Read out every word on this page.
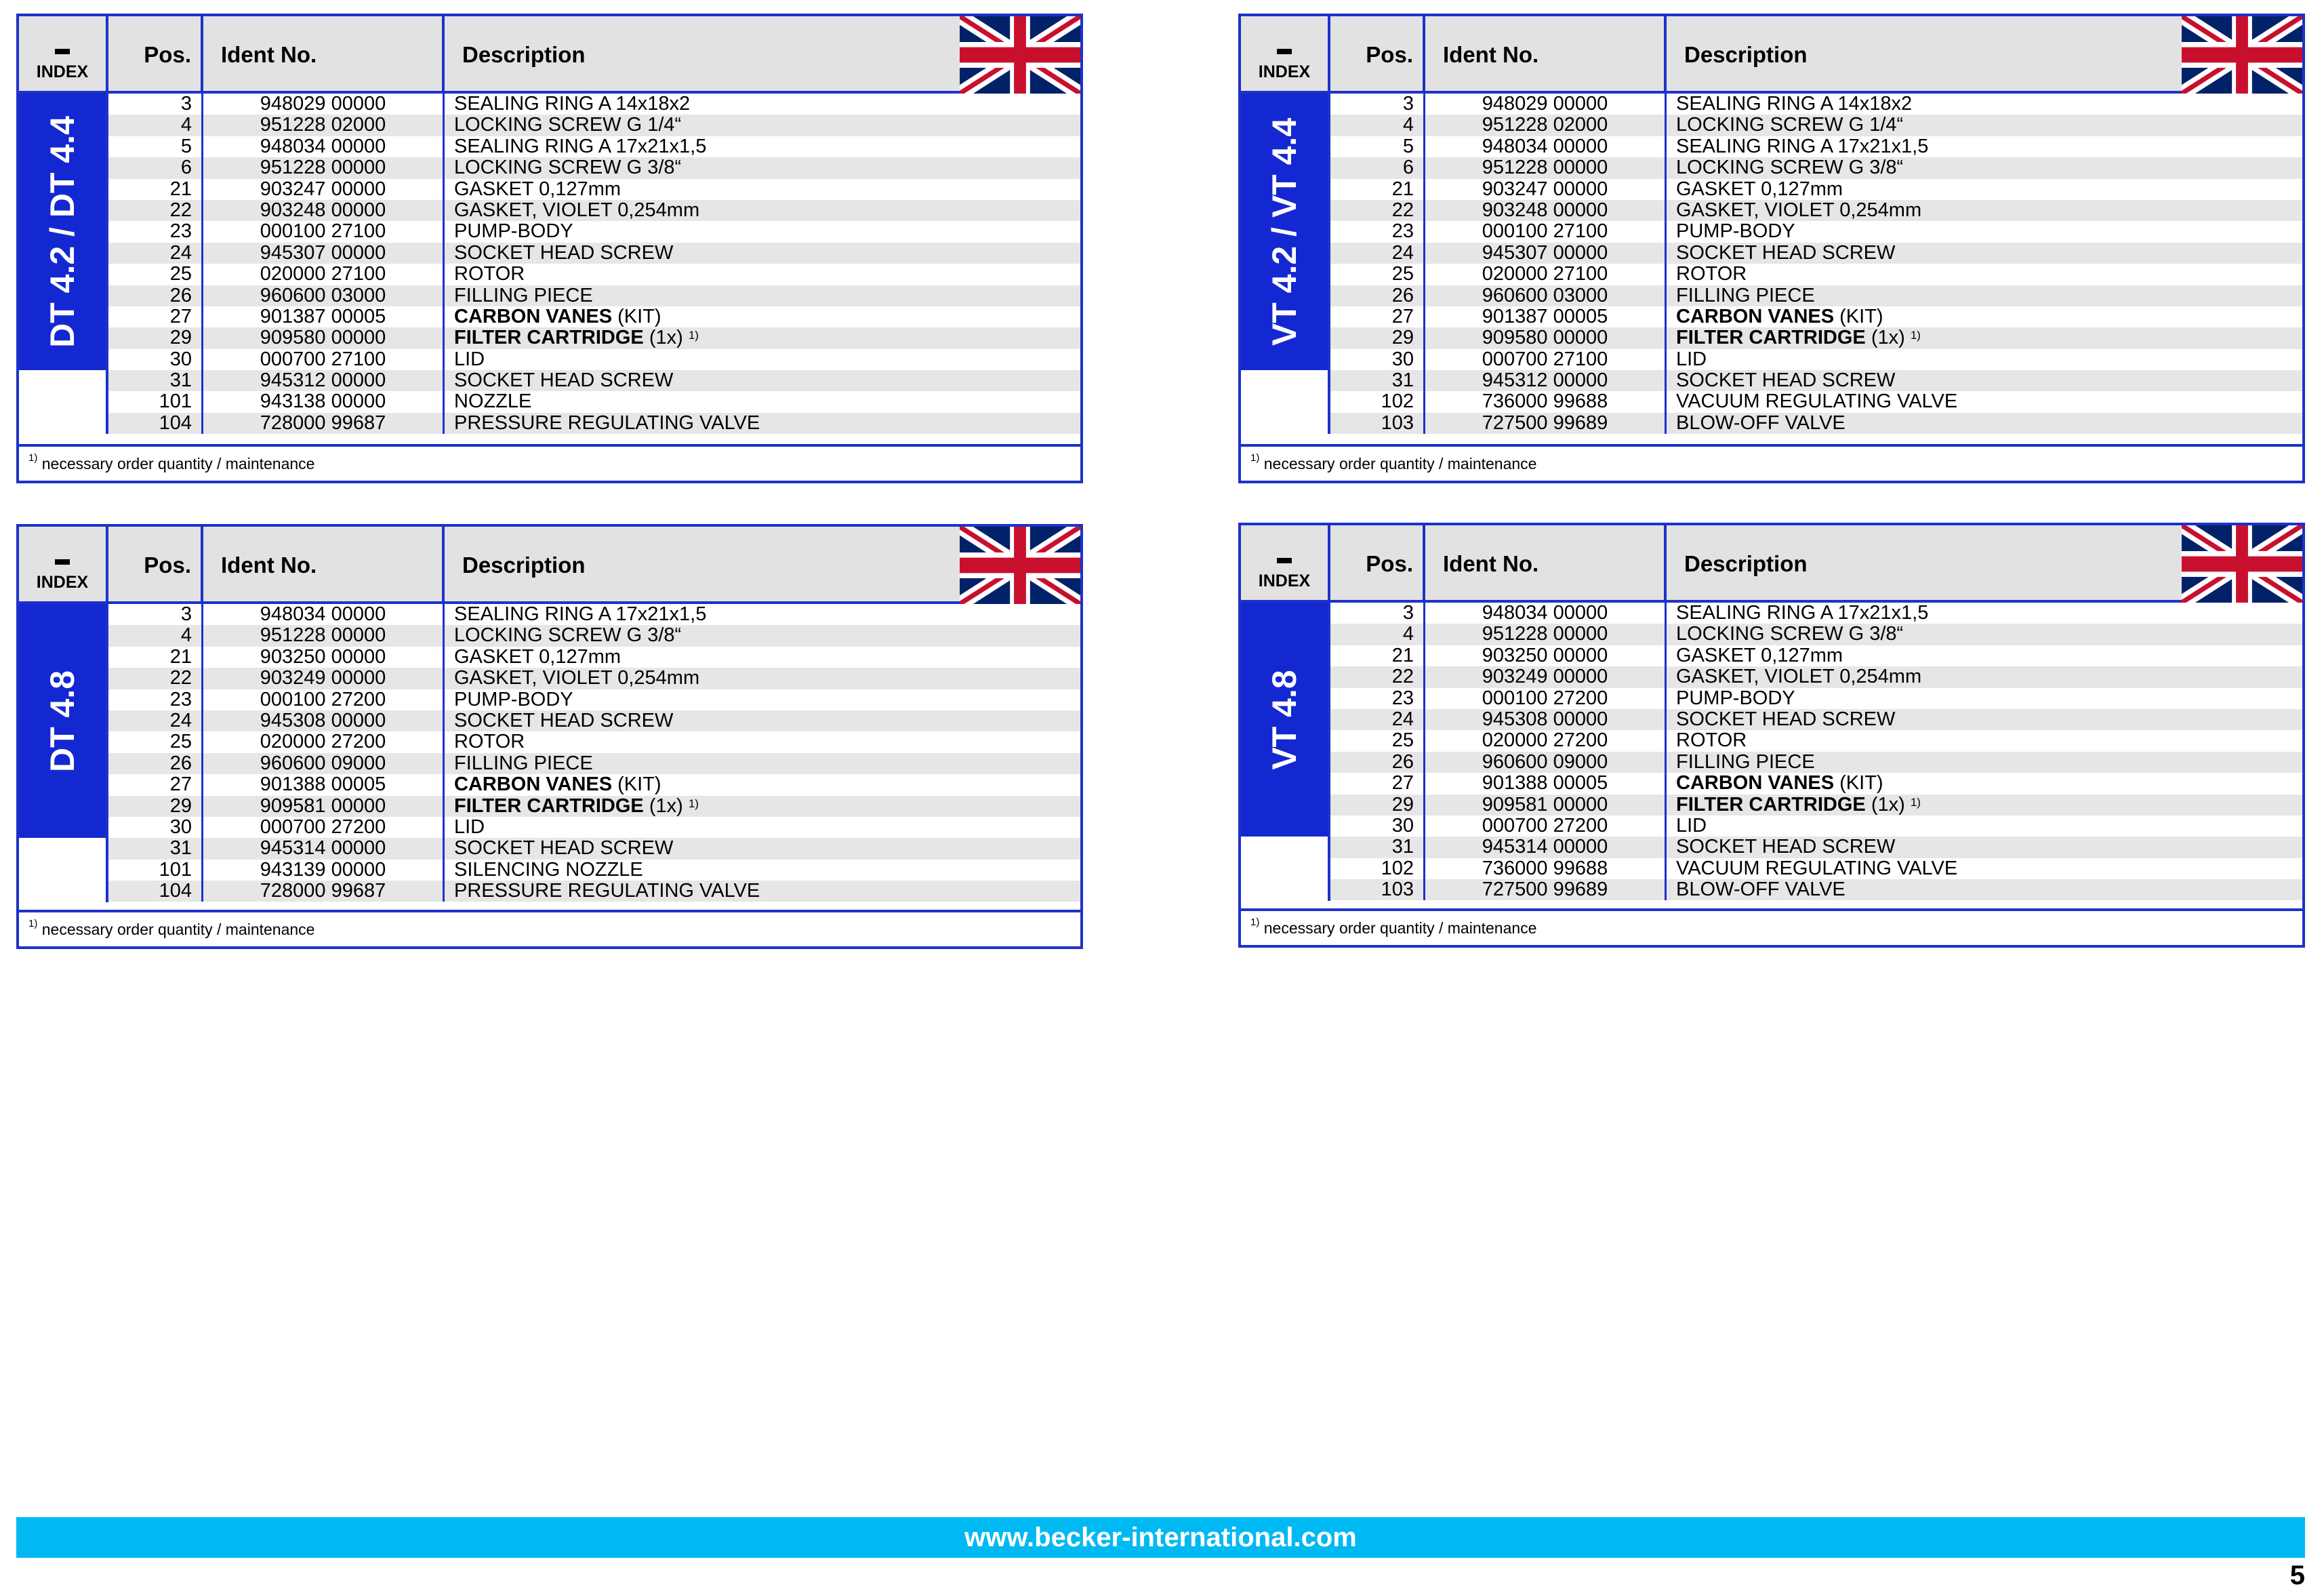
INDEX
Pos.	Ident No.	Description
DT 4.2 / DT 4.4
3	948029 00000	SEALING RING A 14x18x2
4	951228 02000	LOCKING SCREW G 1/4“
5	948034 00000	SEALING RING A 17x21x1,5
6	951228 00000	LOCKING SCREW G 3/8“
21	903247 00000	GASKET 0,127mm
22	903248 00000	GASKET, VIOLET 0,254mm
23	000100 27100	PUMP-BODY
24	945307 00000	SOCKET HEAD SCREW
25	020000 27100	ROTOR
26	960600 03000	FILLING PIECE
27	901387 00005	CARBON VANES (KIT)
29	909580 00000	FILTER CARTRIDGE (1x) $^{1)}$
30	000700 27100	LID
31	945312 00000	SOCKET HEAD SCREW
101	943138 00000	NOZZLE
104	728000 99687	PRESSURE REGULATING VALVE
$^{1)}$ necessary order quantity / maintenance
INDEX
Pos.	Ident No.	Description
VT 4.2 / VT 4.4
3	948029 00000	SEALING RING A 14x18x2
4	951228 02000	LOCKING SCREW G 1/4“
5	948034 00000	SEALING RING A 17x21x1,5
6	951228 00000	LOCKING SCREW G 3/8“
21	903247 00000	GASKET 0,127mm
22	903248 00000	GASKET, VIOLET 0,254mm
23	000100 27100	PUMP-BODY
24	945307 00000	SOCKET HEAD SCREW
25	020000 27100	ROTOR
26	960600 03000	FILLING PIECE
27	901387 00005	CARBON VANES (KIT)
29	909580 00000	FILTER CARTRIDGE (1x) $^{1)}$
30	000700 27100	LID
31	945312 00000	SOCKET HEAD SCREW
102	736000 99688	VACUUM REGULATING VALVE
103	727500 99689	BLOW-OFF VALVE
$^{1)}$ necessary order quantity / maintenance
INDEX
Pos.	Ident No.	Description
DT 4.8
3	948034 00000	SEALING RING A 17x21x1,5
4	951228 00000	LOCKING SCREW G 3/8“
21	903250 00000	GASKET 0,127mm
22	903249 00000	GASKET, VIOLET 0,254mm
23	000100 27200	PUMP-BODY
24	945308 00000	SOCKET HEAD SCREW
25	020000 27200	ROTOR
26	960600 09000	FILLING PIECE
27	901388 00005	CARBON VANES (KIT)
29	909581 00000	FILTER CARTRIDGE (1x) $^{1)}$
30	000700 27200	LID
31	945314 00000	SOCKET HEAD SCREW
101	943139 00000	SILENCING NOZZLE
104	728000 99687	PRESSURE REGULATING VALVE
$^{1)}$ necessary order quantity / maintenance
INDEX
Pos.	Ident No.	Description
VT 4.8
3	948034 00000	SEALING RING A 17x21x1,5
4	951228 00000	LOCKING SCREW G 3/8“
21	903250 00000	GASKET 0,127mm
22	903249 00000	GASKET, VIOLET 0,254mm
23	000100 27200	PUMP-BODY
24	945308 00000	SOCKET HEAD SCREW
25	020000 27200	ROTOR
26	960600 09000	FILLING PIECE
27	901388 00005	CARBON VANES (KIT)
29	909581 00000	FILTER CARTRIDGE (1x) $^{1)}$
30	000700 27200	LID
31	945314 00000	SOCKET HEAD SCREW
102	736000 99688	VACUUM REGULATING VALVE
103	727500 99689	BLOW-OFF VALVE
$^{1)}$ necessary order quantity / maintenance
www.becker-international.com
5
